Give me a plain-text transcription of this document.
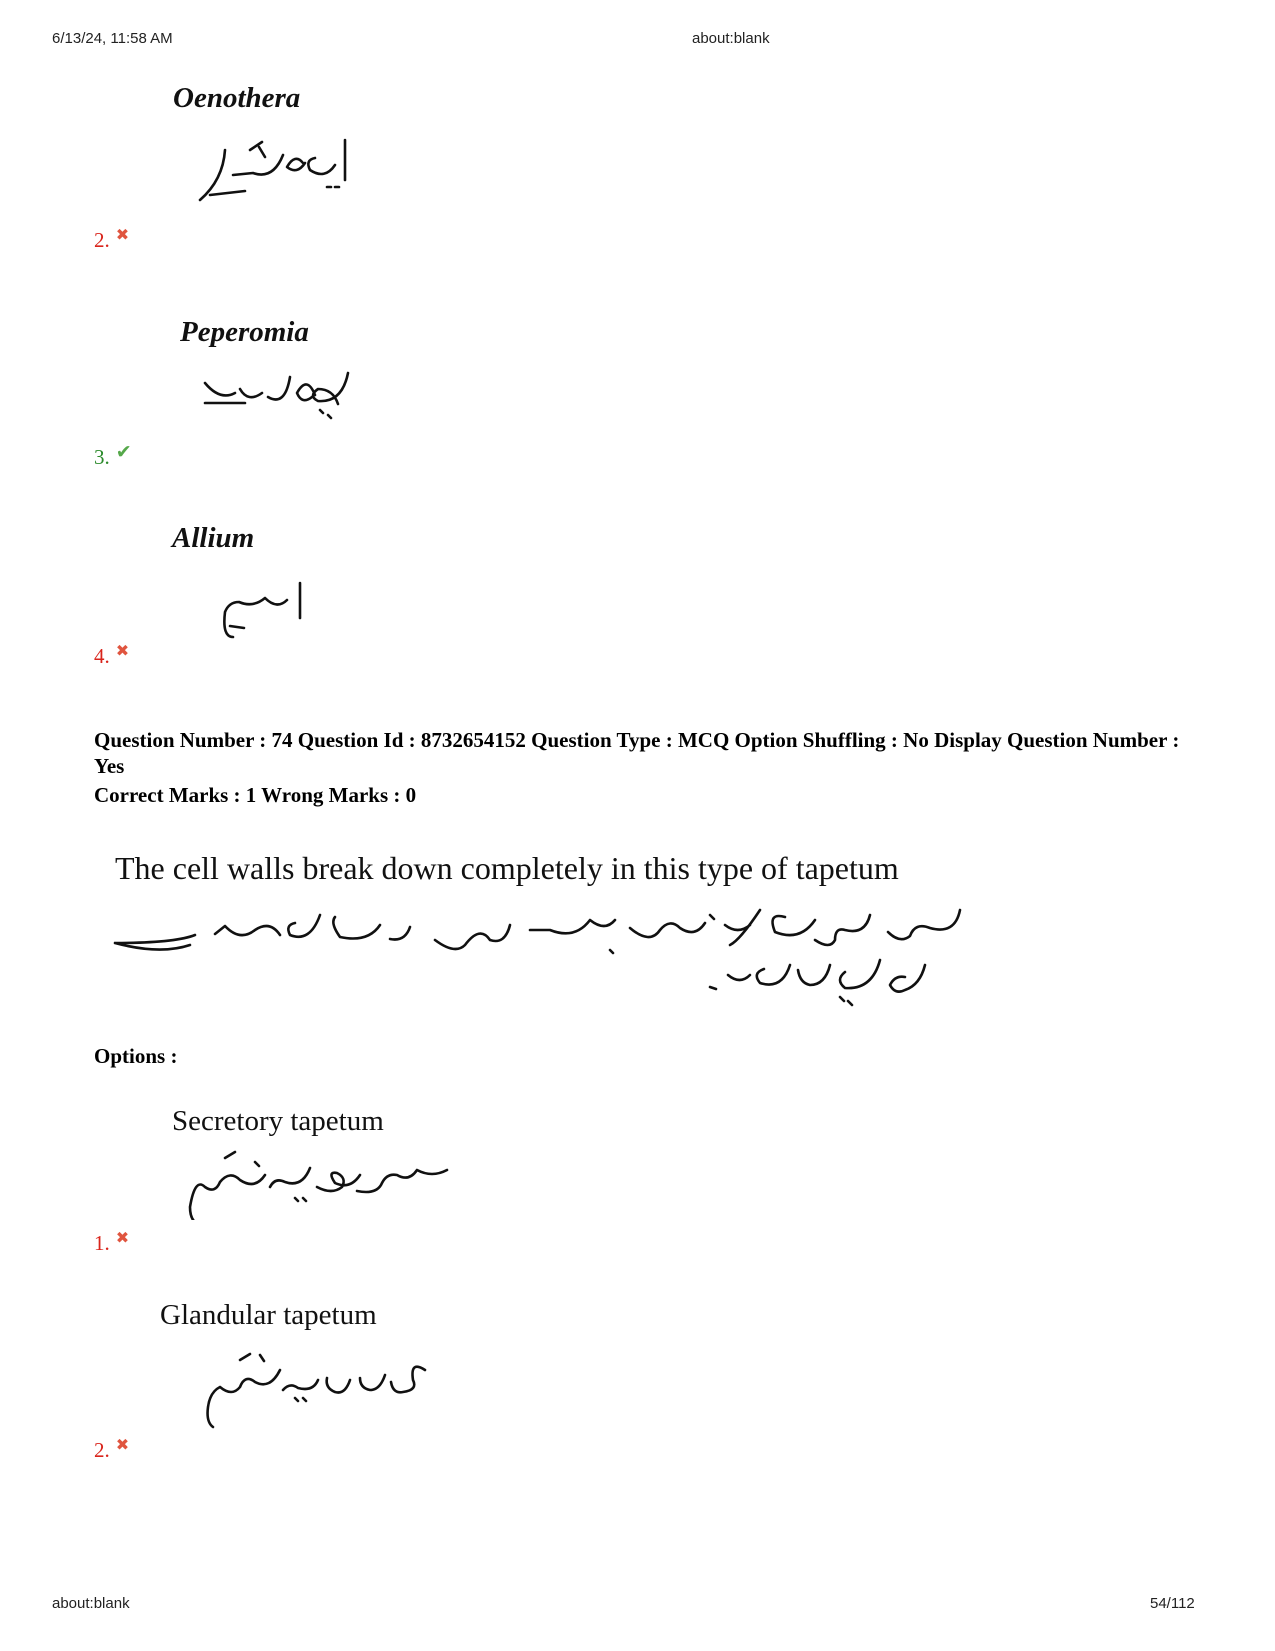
6/13/24, 11:58 AM	about:blank
Oenothera
2. ✖
Peperomia
3. ✔
Allium
4. ✖
Question Number : 74 Question Id : 8732654152 Question Type : MCQ Option Shuffling : No Display Question Number : Yes
Correct Marks : 1 Wrong Marks : 0
The cell walls break down completely in this type of tapetum
Options :
Secretory tapetum
1. ✖
Glandular tapetum
2. ✖
about:blank	54/112
